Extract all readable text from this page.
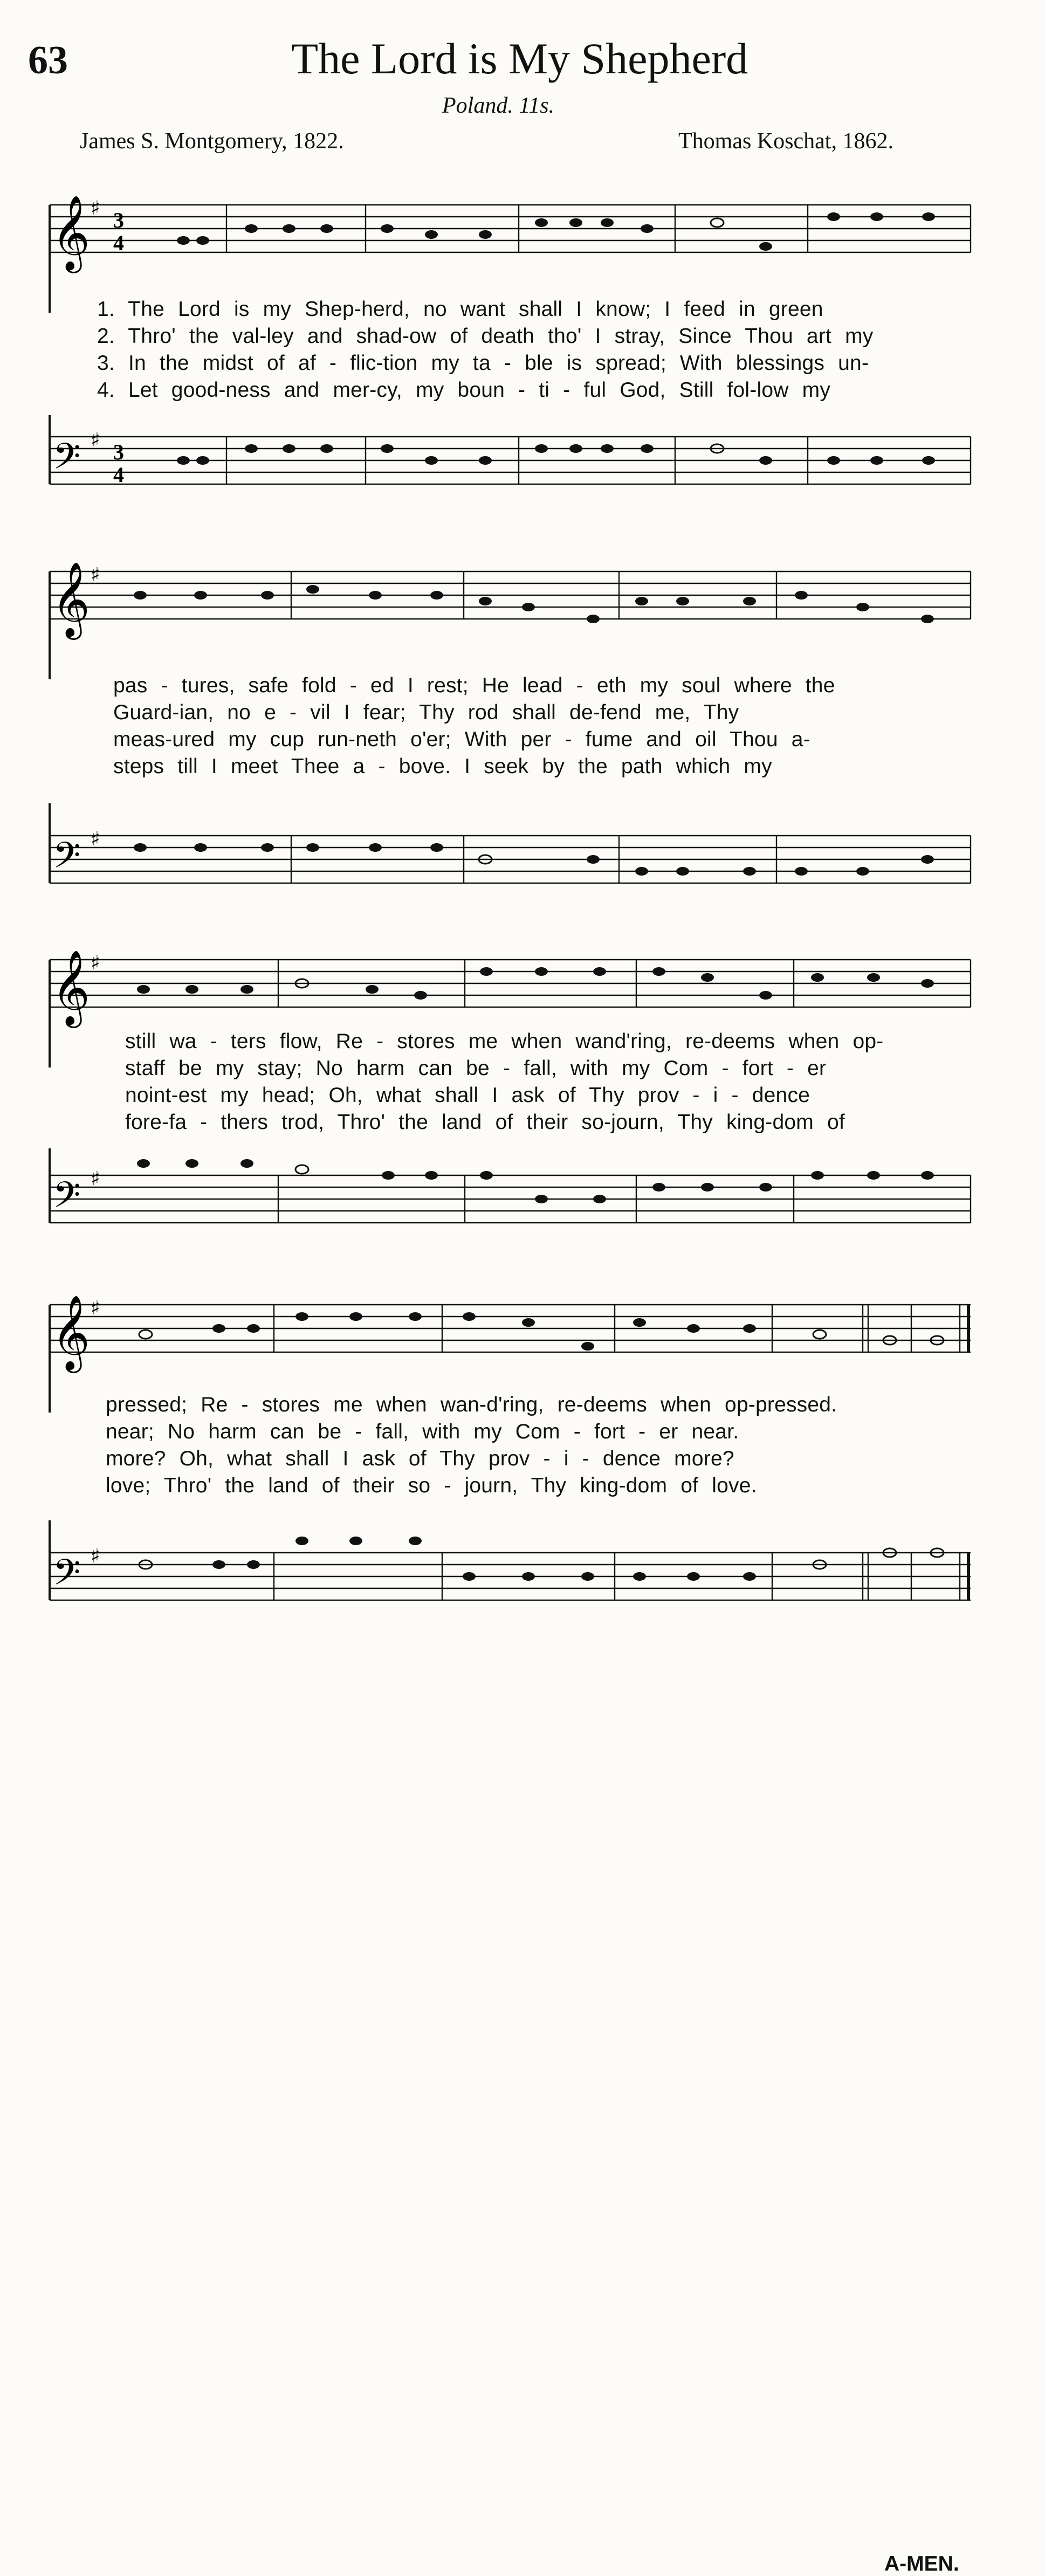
63	The Lord is My Shepherd
Poland. 11s.
James S. Montgomery, 1822.	Thomas Koschat, 1862.
𝄞 ♯ 3
4

1. The Lord is my Shep-herd, no want shall I know; I feed in green

2. Thro' the val-ley and shad-ow of death tho' I stray, Since Thou art my

3. In the midst of af - flic-tion my ta - ble is spread; With blessings un-

4. Let good-ness and mer-cy, my boun - ti - ful God, Still fol-low my

𝄢 ♯ 3
4
𝄞 ♯

pas - tures, safe fold - ed I rest; He lead - eth my soul where the

Guard-ian, no e - vil I fear; Thy rod shall de-fend me, Thy

meas-ured my cup run-neth o'er; With per - fume and oil Thou a-

steps till I meet Thee a - bove. I seek by the path which my

𝄢 ♯
𝄞 ♯

still wa - ters flow, Re - stores me when wand'ring, re-deems when op-

staff be my stay; No harm can be - fall, with my Com - fort - er

noint-est my head; Oh, what shall I ask of Thy prov - i - dence

fore-fa - thers trod, Thro' the land of their so-journ, Thy king-dom of

𝄢 ♯
𝄞 ♯

pressed; Re - stores me when wan-d'ring, re-deems when op-pressed.

near; No harm can be - fall, with my Com - fort - er near.

more? Oh, what shall I ask of Thy prov - i - dence more?

love; Thro' the land of their so - journ, Thy king-dom of love.

A-MEN.
𝄢 ♯
